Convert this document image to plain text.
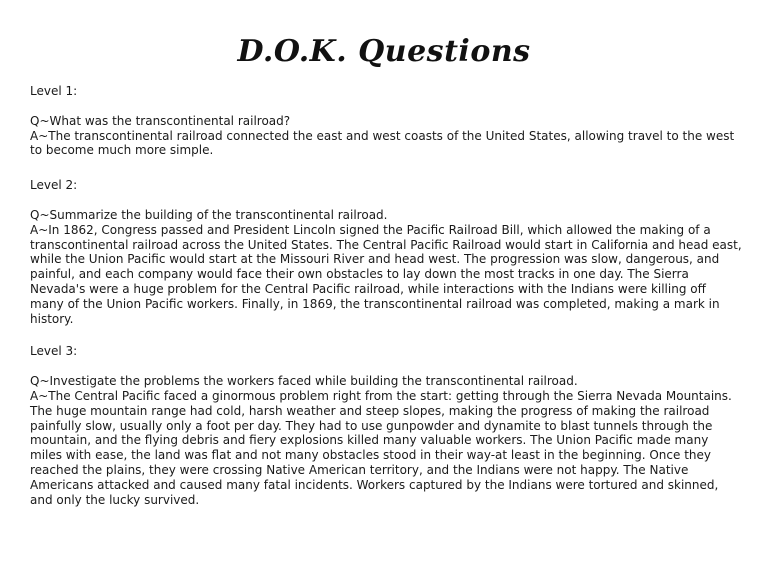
D.O.K. Questions

Level 1:

Q~What was the transcontinental railroad?

A~The transcontinental railroad connected the east and west coasts of the United States, allowing travel to the west to become much more simple.

Level 2:

Q~Summarize the building of the transcontinental railroad.

A~In 1862, Congress passed and President Lincoln signed the Pacific Railroad Bill, which allowed the making of a transcontinental railroad across the United States. The Central Pacific Railroad would start in California and head east, while the Union Pacific would start at the Missouri River and head west. The progression was slow, dangerous, and painful, and each company would face their own obstacles to lay down the most tracks in one day. The Sierra Nevada's were a huge problem for the Central Pacific railroad, while interactions with the Indians were killing off many of the Union Pacific workers. Finally, in 1869, the transcontinental railroad was completed, making a mark in history.

Level 3:

Q~Investigate the problems the workers faced while building the transcontinental railroad.

A~The Central Pacific faced a ginormous problem right from the start: getting through the Sierra Nevada Mountains. The huge mountain range had cold, harsh weather and steep slopes, making the progress of making the railroad painfully slow, usually only a foot per day. They had to use gunpowder and dynamite to blast tunnels through the mountain, and the flying debris and fiery explosions killed many valuable workers. The Union Pacific made many miles with ease, the land was flat and not many obstacles stood in their way-at least in the beginning. Once they reached the plains, they were crossing Native American territory, and the Indians were not happy. The Native Americans attacked and caused many fatal incidents. Workers captured by the Indians were tortured and skinned, and only the lucky survived.
